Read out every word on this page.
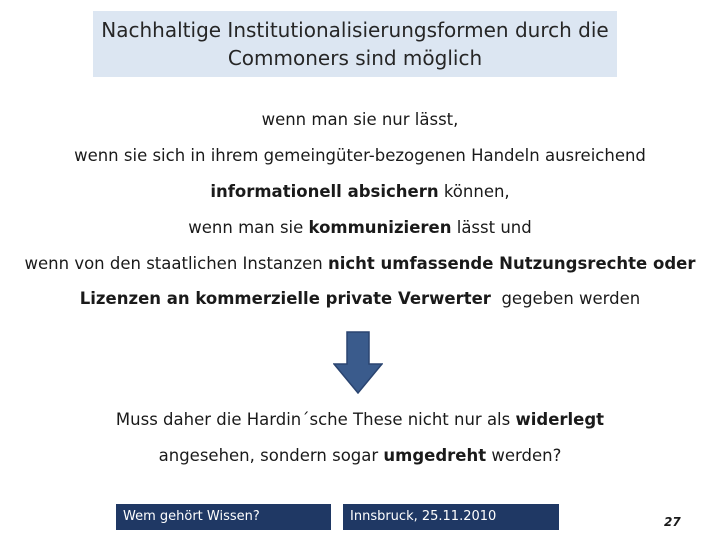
Nachhaltige Institutionalisierungsformen durch die
Commoners sind möglich
wenn man sie nur lässt,
wenn sie sich in ihrem gemeingüter-bezogenen Handeln ausreichend
informationell absichern können,
wenn man sie kommunizieren lässt und
wenn von den staatlichen Instanzen nicht umfassende Nutzungsrechte oder
Lizenzen an kommerzielle private Verwerter  gegeben werden
Muss daher die Hardin´sche These nicht nur als widerlegt
angesehen, sondern sogar umgedreht werden?
Wem gehört Wissen?	Innsbruck, 25.11.2010	27
